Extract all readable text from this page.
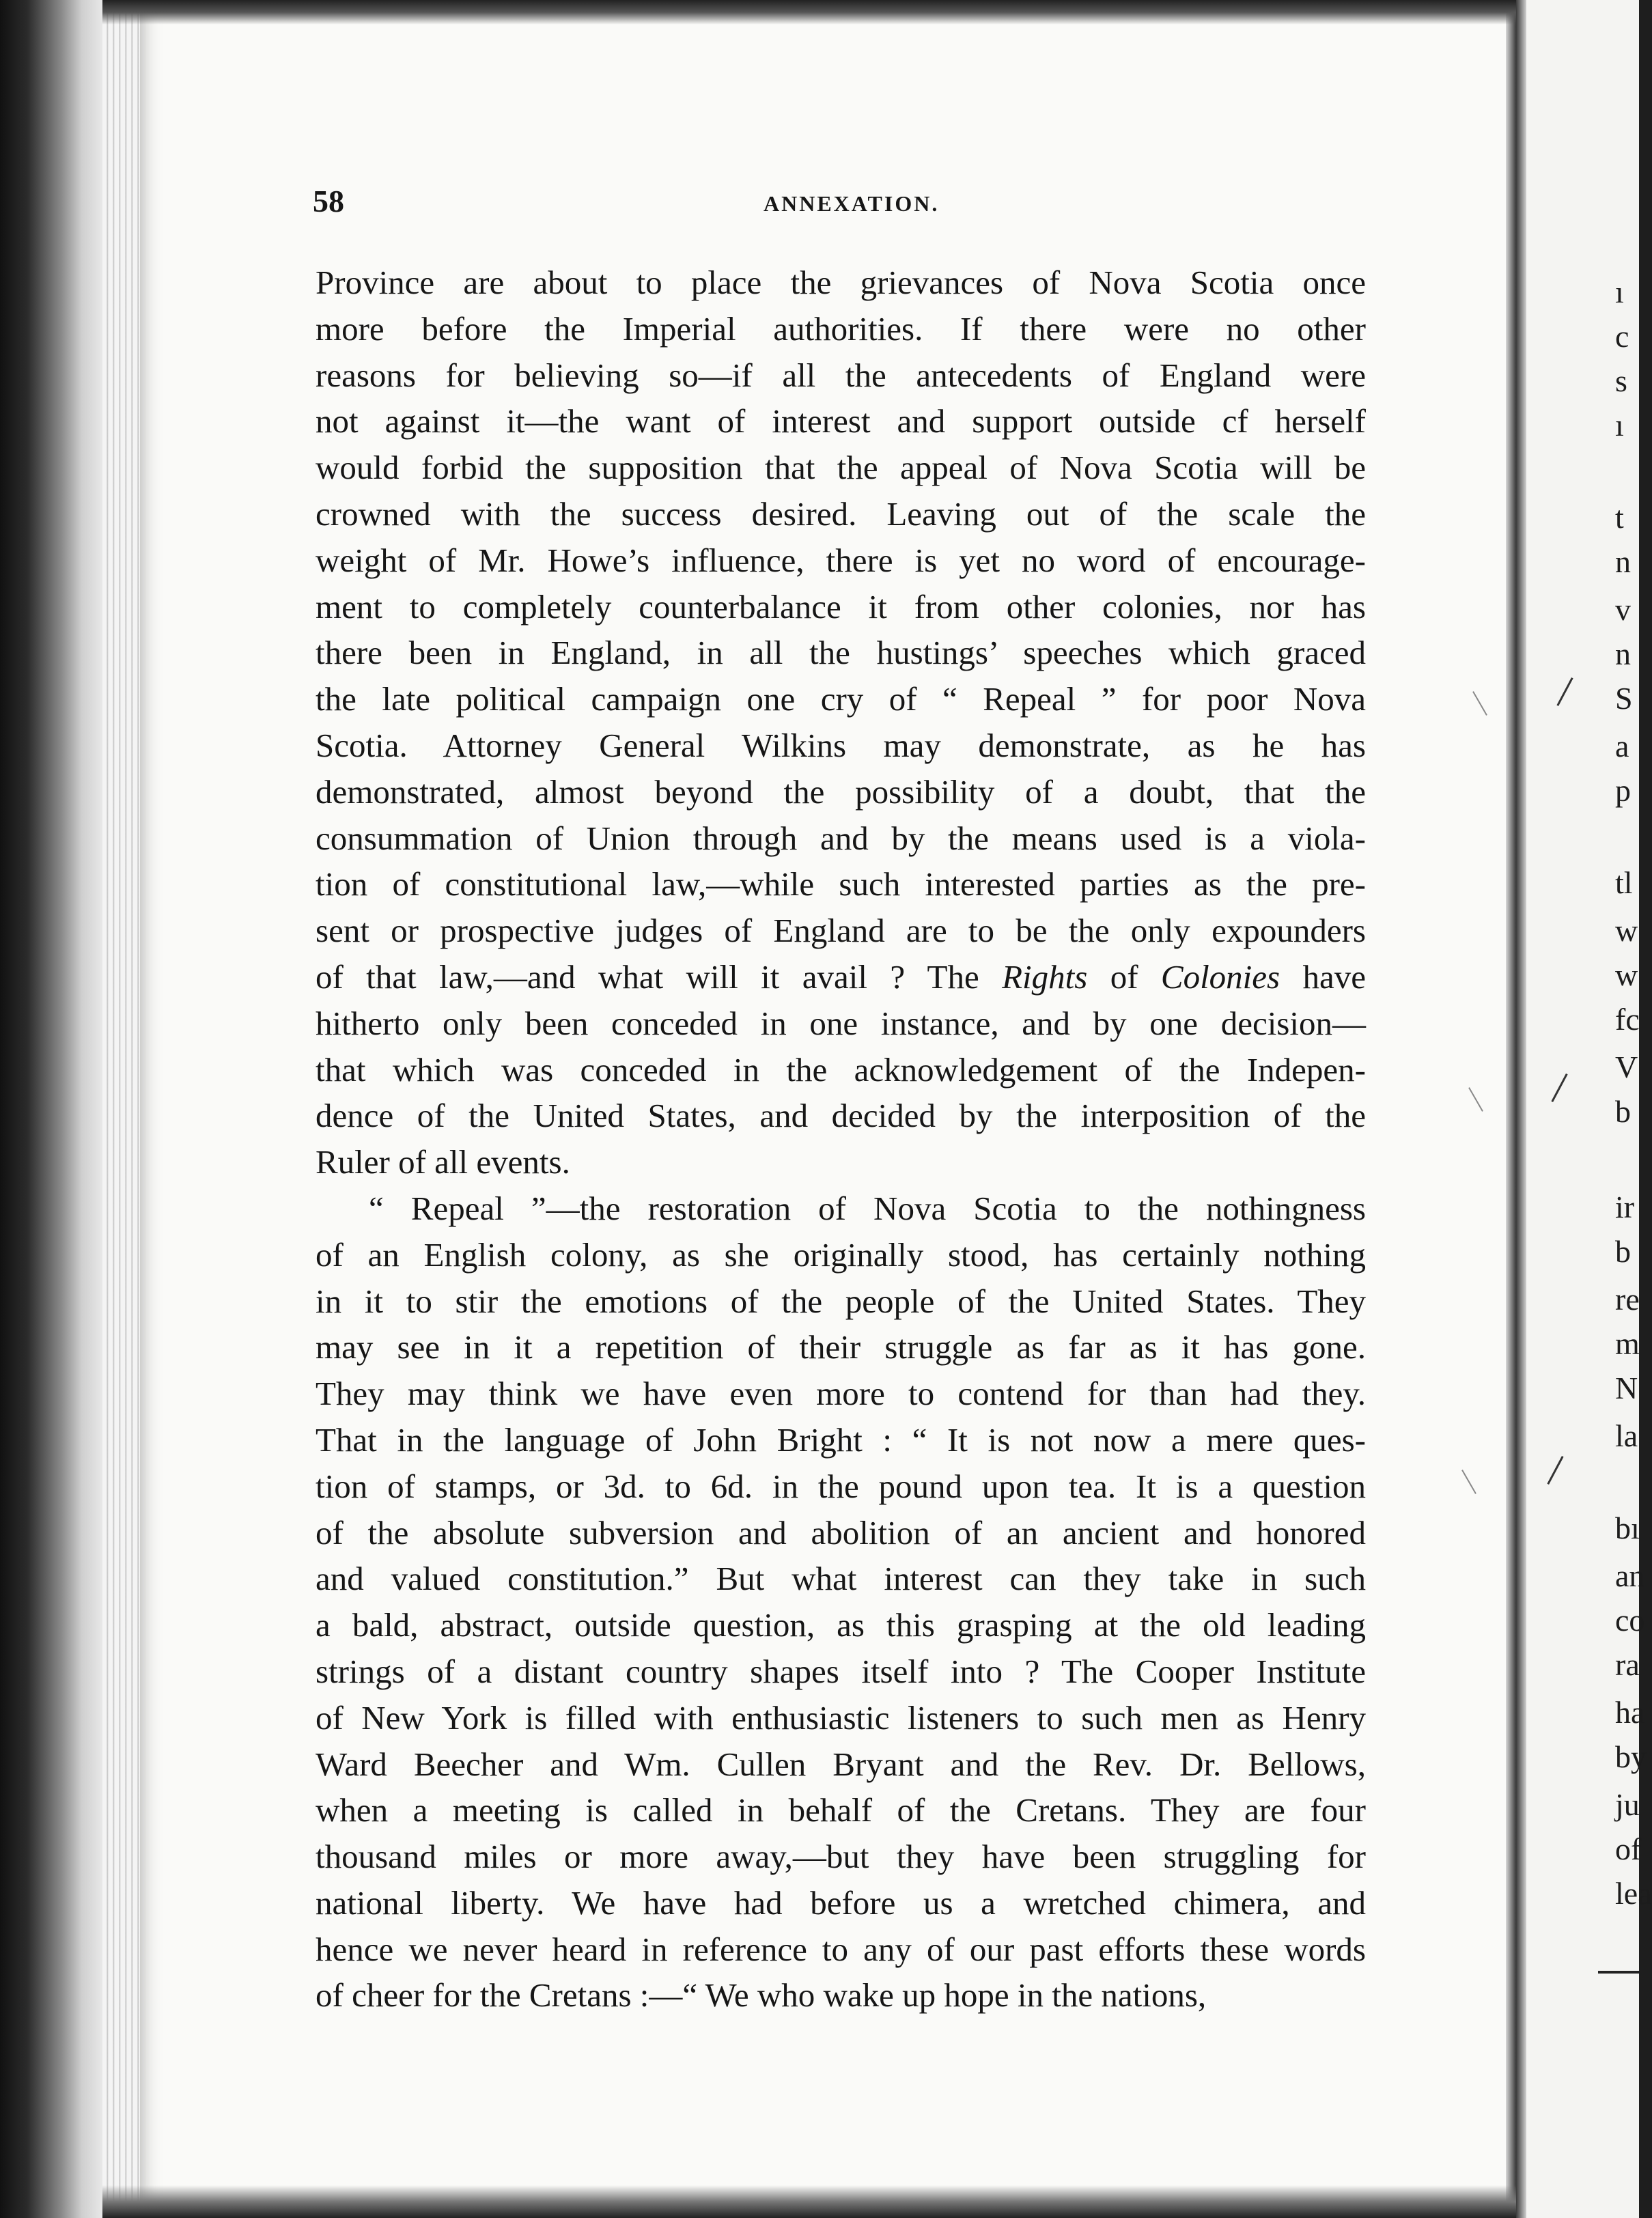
ı
c
s
ı
t
n
v
n
S
a
p
tl
w
w
fc
V
b
ir
b
re
m
N
la
bı
an
co
ra
ha
by
ju
of
lea
58	ANNEXATION.
Province are about to place the grievances of Nova Scotia once
more before the Imperial authorities. If there were no other
reasons for believing so—if all the antecedents of England were
not against it—the want of interest and support outside cf herself
would forbid the supposition that the appeal of Nova Scotia will be
crowned with the success desired. Leaving out of the scale the
weight of Mr. Howe’s influence, there is yet no word of encourage-
ment to completely counterbalance it from other colonies, nor has
there been in England, in all the hustings’ speeches which graced
the late political campaign one cry of “ Repeal ” for poor Nova
Scotia. Attorney General Wilkins may demonstrate, as he has
demonstrated, almost beyond the possibility of a doubt, that the
consummation of Union through and by the means used is a viola-
tion of constitutional law,—while such interested parties as the pre-
sent or prospective judges of England are to be the only expounders
of that law,—and what will it avail ? The Rights of Colonies have
hitherto only been conceded in one instance, and by one decision—
that which was conceded in the acknowledgement of the Indepen-
dence of the United States, and decided by the interposition of the
Ruler of all events.
“ Repeal ”—the restoration of Nova Scotia to the nothingness
of an English colony, as she originally stood, has certainly nothing
in it to stir the emotions of the people of the United States. They
may see in it a repetition of their struggle as far as it has gone.
They may think we have even more to contend for than had they.
That in the language of John Bright : “ It is not now a mere ques-
tion of stamps, or 3d. to 6d. in the pound upon tea. It is a question
of the absolute subversion and abolition of an ancient and honored
and valued constitution.” But what interest can they take in such
a bald, abstract, outside question, as this grasping at the old leading
strings of a distant country shapes itself into ? The Cooper Institute
of New York is filled with enthusiastic listeners to such men as Henry
Ward Beecher and Wm. Cullen Bryant and the Rev. Dr. Bellows,
when a meeting is called in behalf of the Cretans. They are four
thousand miles or more away,—but they have been struggling for
national liberty. We have had before us a wretched chimera, and
hence we never heard in reference to any of our past efforts these words
of cheer for the Cretans :—“ We who wake up hope in the nations,
